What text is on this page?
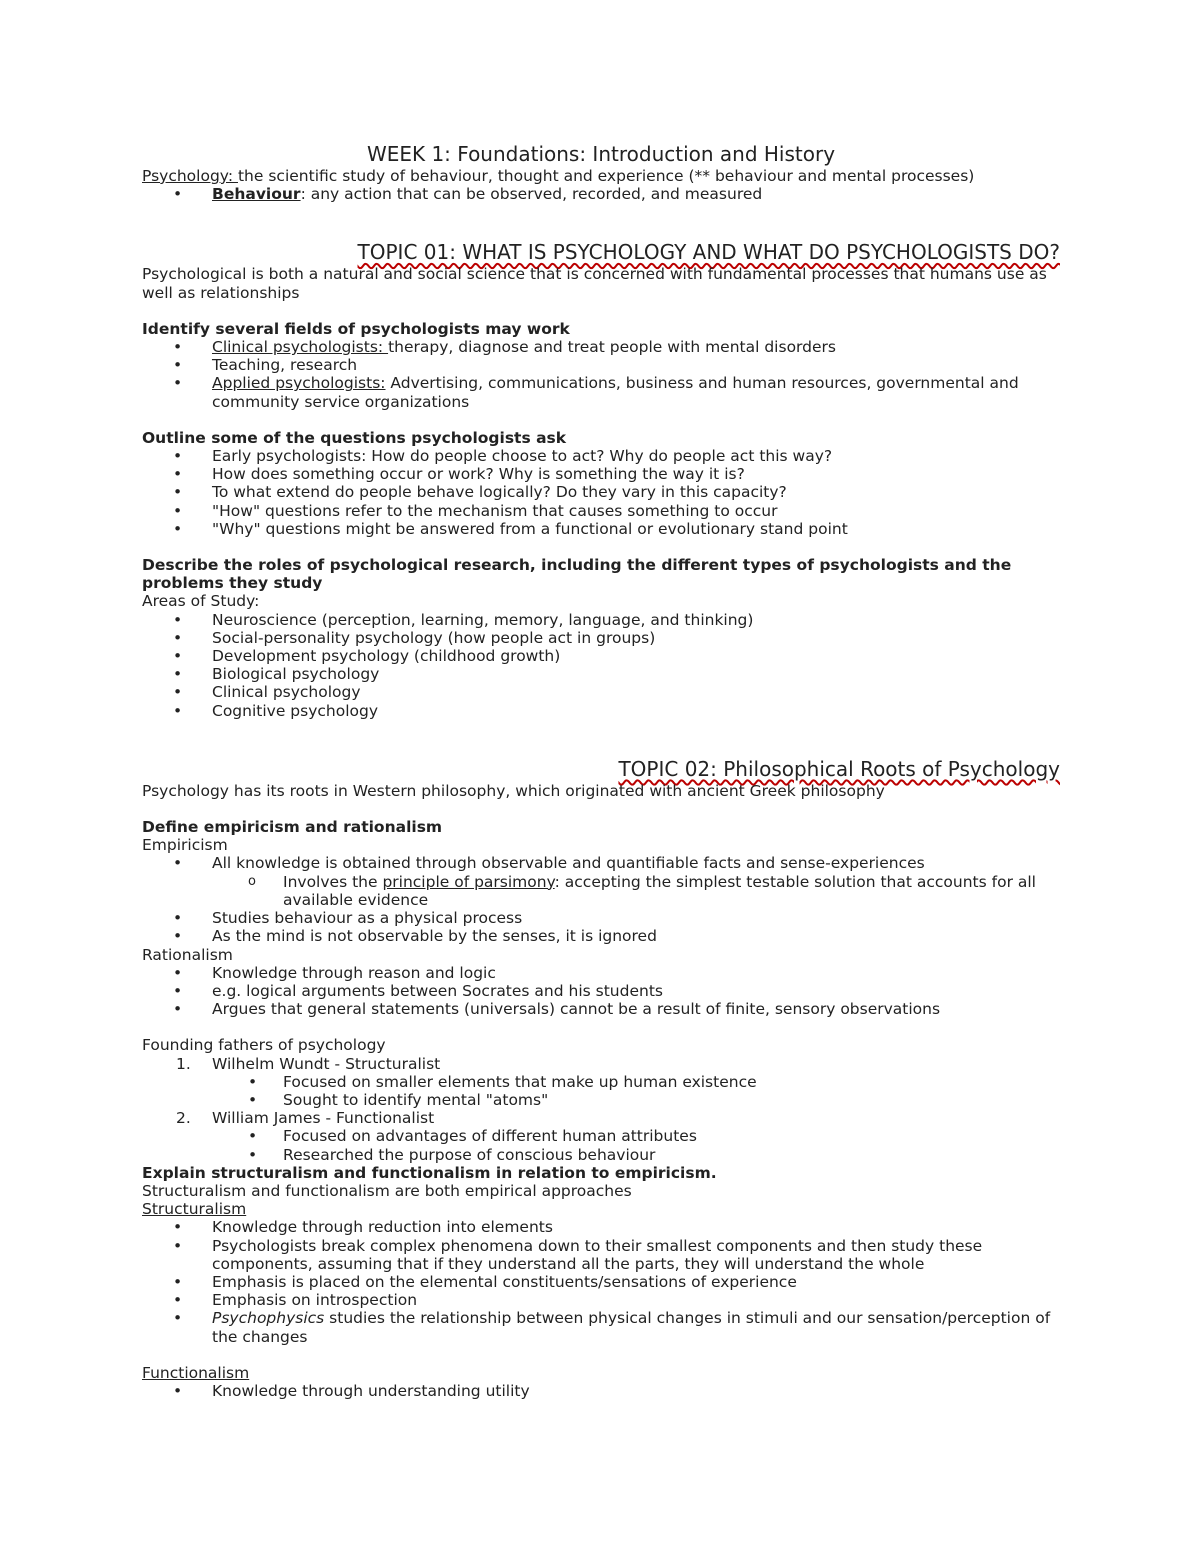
WEEK 1: Foundations: Introduction and History
Psychology: the scientific study of behaviour, thought and experience (** behaviour and mental processes)
• Behaviour: any action that can be observed, recorded, and measured
TOPIC 01: WHAT IS PSYCHOLOGY AND WHAT DO PSYCHOLOGISTS DO?
Psychological is both a natural and social science that is concerned with fundamental processes that humans use as well as relationships
Identify several fields of psychologists may work
• Clinical psychologists: therapy, diagnose and treat people with mental disorders
• Teaching, research
• Applied psychologists: Advertising, communications, business and human resources, governmental and community service organizations
Outline some of the questions psychologists ask
• Early psychologists: How do people choose to act? Why do people act this way?
• How does something occur or work? Why is something the way it is?
• To what extend do people behave logically? Do they vary in this capacity?
• "How" questions refer to the mechanism that causes something to occur
• "Why" questions might be answered from a functional or evolutionary stand point
Describe the roles of psychological research, including the different types of psychologists and the problems they study
Areas of Study:
• Neuroscience (perception, learning, memory, language, and thinking)
• Social-personality psychology (how people act in groups)
• Development psychology (childhood growth)
• Biological psychology
• Clinical psychology
• Cognitive psychology
TOPIC 02: Philosophical Roots of Psychology
Psychology has its roots in Western philosophy, which originated with ancient Greek philosophy
Define empiricism and rationalism
Empiricism
• All knowledge is obtained through observable and quantifiable facts and sense-experiences
o Involves the principle of parsimony: accepting the simplest testable solution that accounts for all available evidence
• Studies behaviour as a physical process
• As the mind is not observable by the senses, it is ignored
Rationalism
• Knowledge through reason and logic
• e.g. logical arguments between Socrates and his students
• Argues that general statements (universals) cannot be a result of finite, sensory observations
Founding fathers of psychology
1. Wilhelm Wundt - Structuralist
• Focused on smaller elements that make up human existence
• Sought to identify mental "atoms"
2. William James - Functionalist
• Focused on advantages of different human attributes
• Researched the purpose of conscious behaviour
Explain structuralism and functionalism in relation to empiricism.
Structuralism and functionalism are both empirical approaches
Structuralism
• Knowledge through reduction into elements
• Psychologists break complex phenomena down to their smallest components and then study these components, assuming that if they understand all the parts, they will understand the whole
• Emphasis is placed on the elemental constituents/sensations of experience
• Emphasis on introspection
• Psychophysics studies the relationship between physical changes in stimuli and our sensation/perception of the changes
Functionalism
• Knowledge through understanding utility
